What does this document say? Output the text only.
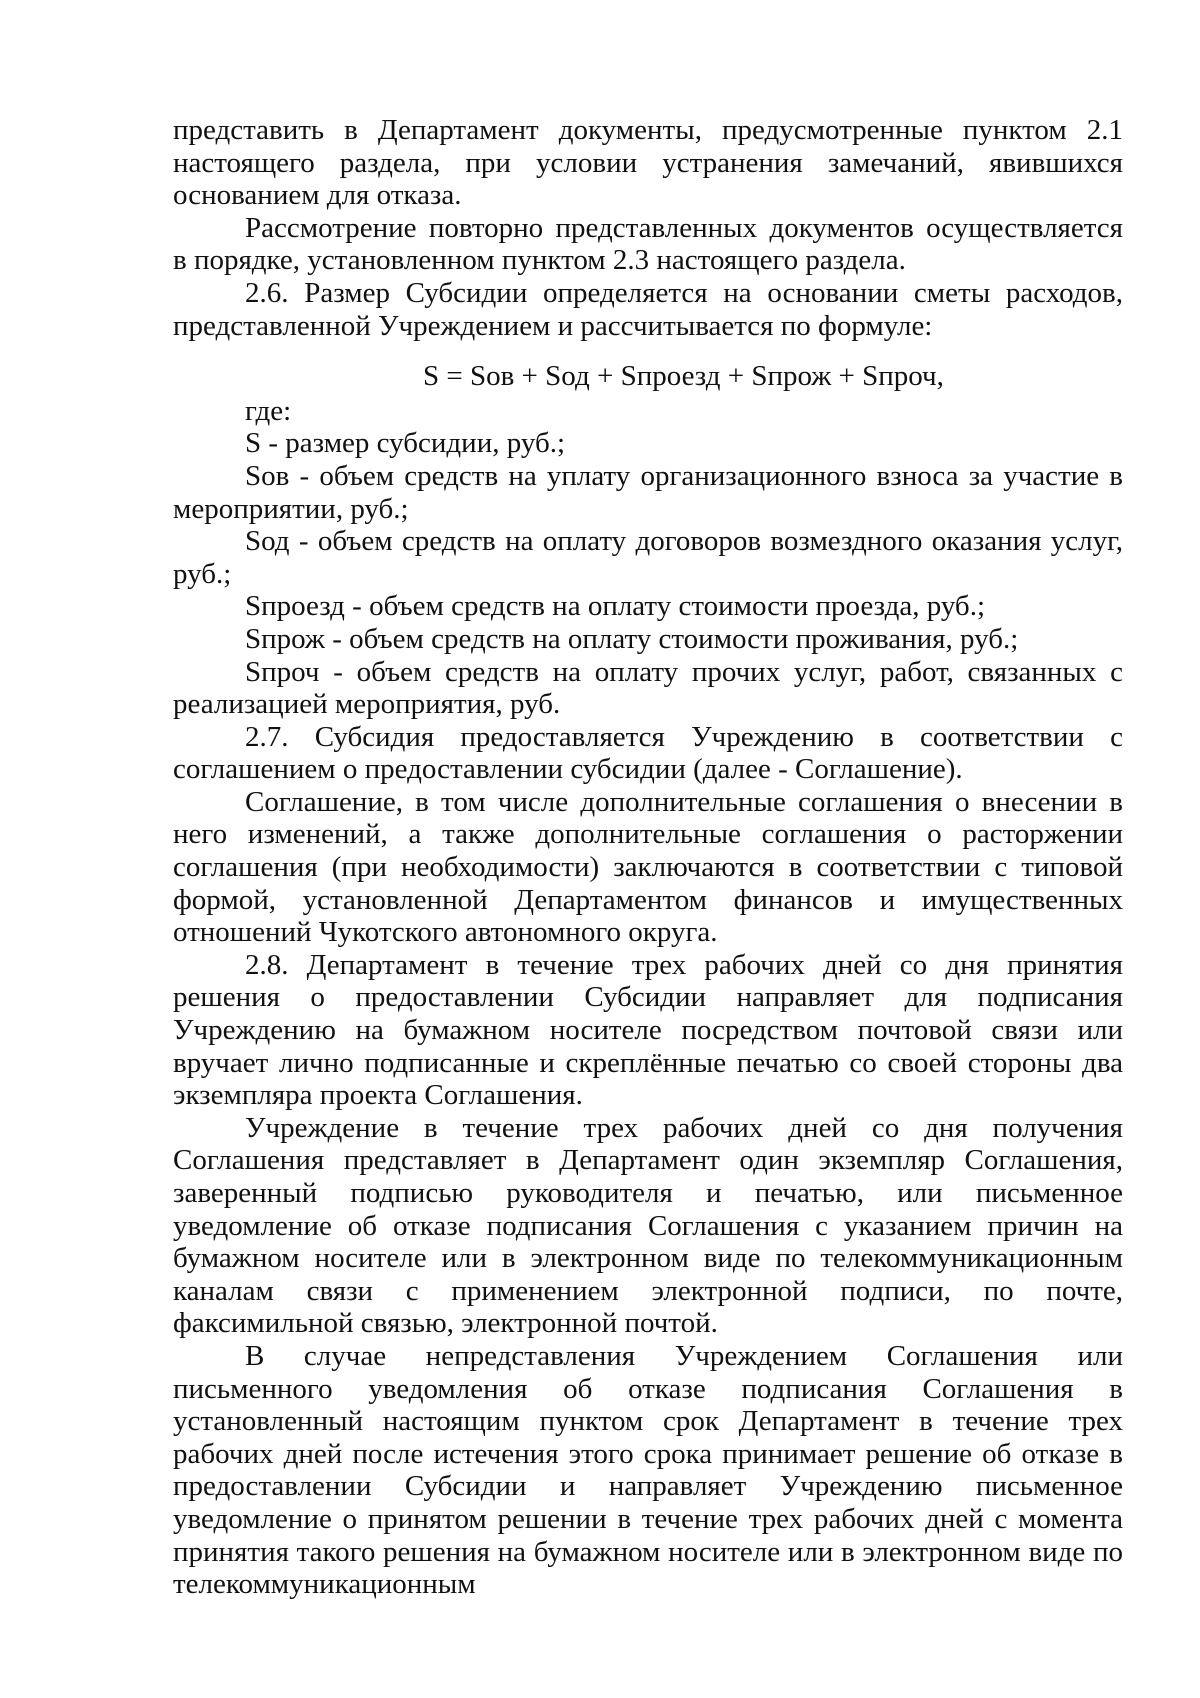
представить в Департамент документы, предусмотренные пунктом 2.1 настоящего раздела, при условии устранения замечаний, явившихся основанием для отказа.

Рассмотрение повторно представленных документов осуществляется в порядке, установленном пунктом 2.3 настоящего раздела.

2.6. Размер Субсидии определяется на основании сметы расходов, представленной Учреждением и рассчитывается по формуле:

S = Sов + Sод + Sпроезд + Sпрож + Sпроч,

где:

S - размер субсидии, руб.;

Sов - объем средств на уплату организационного взноса за участие в мероприятии, руб.;

Sод - объем средств на оплату договоров возмездного оказания услуг, руб.;

Sпроезд - объем средств на оплату стоимости проезда, руб.;

Sпрож - объем средств на оплату стоимости проживания, руб.;

Sпроч - объем средств на оплату прочих услуг, работ, связанных с реализацией мероприятия, руб.

2.7. Субсидия предоставляется Учреждению в соответствии с соглашением о предоставлении субсидии (далее - Соглашение).

Соглашение, в том числе дополнительные соглашения о внесении в него изменений, а также дополнительные соглашения о расторжении соглашения (при необходимости) заключаются в соответствии с типовой формой, установленной Департаментом финансов и имущественных отношений Чукотского автономного округа.

2.8. Департамент в течение трех рабочих дней со дня принятия решения о предоставлении Субсидии направляет для подписания Учреждению на бумажном носителе посредством почтовой связи или вручает лично подписанные и скреплённые печатью со своей стороны два экземпляра проекта Соглашения.

Учреждение в течение трех рабочих дней со дня получения Соглашения представляет в Департамент один экземпляр Соглашения, заверенный подписью руководителя и печатью, или письменное уведомление об отказе подписания Соглашения с указанием причин на бумажном носителе или в электронном виде по телекоммуникационным каналам связи с применением электронной подписи, по почте, факсимильной связью, электронной почтой.

В случае непредставления Учреждением Соглашения или письменного уведомления об отказе подписания Соглашения в установленный настоящим пунктом срок Департамент в течение трех рабочих дней после истечения этого срока принимает решение об отказе в предоставлении Субсидии и направляет Учреждению письменное уведомление о принятом решении в течение трех рабочих дней с момента принятия такого решения на бумажном носителе или в электронном виде по телекоммуникационным
